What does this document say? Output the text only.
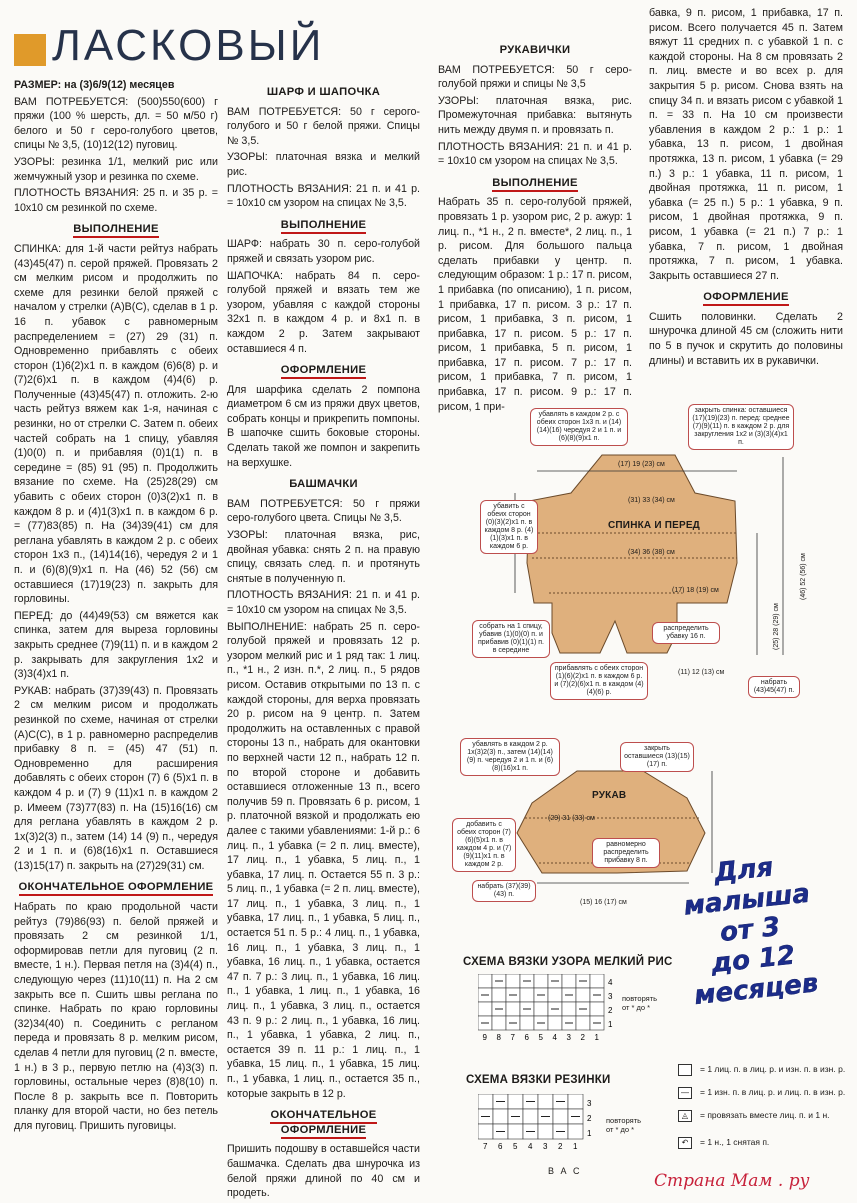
ЛАСКОВЫЙ

РАЗМЕР: на (3)6/9(12) месяцев

ВАМ ПОТРЕБУЕТСЯ: (500)550(600) г пряжи (100 % шерсть, дл. = 50 м/50 г) белого и 50 г серо-голубого цветов, спицы № 3,5, (10)12(12) пуговиц.

УЗОРЫ: резинка 1/1, мелкий рис или жемчужный узор и резинка по схеме.

ПЛОТНОСТЬ ВЯЗАНИЯ: 25 п. и 35 р. = 10х10 см резинкой по схеме.

ВЫПОЛНЕНИЕ

СПИНКА: для 1-й части рейтуз набрать (43)45(47) п. серой пряжей. Провязать 2 см мелким рисом и продолжить по схеме для резинки белой пряжей с началом у стрелки (А)В(С), сделав в 1 р. 16 п. убавок с равномерным распределением = (27) 29 (31) п. Одновременно прибавлять с обеих сторон (1)6(2)х1 п. в каждом (6)6(8) р. и (7)2(6)х1 п. в каждом (4)4(6) р. Полученные (43)45(47) п. отложить. 2-ю часть рейтуз вяжем как 1-я, начиная с резинки, но от стрелки С. Затем п. обеих частей собрать на 1 спицу, убавляя (1)0(0) п. и прибавляя (0)1(1) п. в середине = (85) 91 (95) п. Продолжить вязание по схеме. На (25)28(29) см убавить с обеих сторон (0)3(2)х1 п. в каждом 8 р. и (4)1(3)х1 п. в каждом 6 р. = (77)83(85) п. На (34)39(41) см для реглана убавлять в каждом 2 р. с обеих сторон 1х3 п., (14)14(16), чередуя 2 и 1 п. и (6)(8)(9)х1 п. На (46) 52 (56) см оставшиеся (17)19(23) п. закрыть для горловины.

ПЕРЕД: до (44)49(53) см вяжется как спинка, затем для выреза горловины закрыть среднее (7)9(11) п. и в каждом 2 р. закрывать для закругления 1х2 и (3)3(4)х1 п.

РУКАВ: набрать (37)39(43) п. Провязать 2 см мелким рисом и продолжать резинкой по схеме, начиная от стрелки (А)С(С), в 1 р. равномерно распределив прибавку 8 п. = (45) 47 (51) п. Одновременно для расширения добавлять с обеих сторон (7) 6 (5)х1 п. в каждом 4 р. и (7) 9 (11)х1 п. в каждом 2 р. Имеем (73)77(83) п. На (15)16(16) см для реглана убавлять в каждом 2 р. 1х(3)2(3) п., затем (14) 14 (9) п., чередуя 2 и 1 п. и (6)8(16)х1 п. Оставшиеся (13)15(17) п. закрыть на (27)29(31) см.

ОКОНЧАТЕЛЬНОЕ ОФОРМЛЕНИЕ

Набрать по краю продольной части рейтуз (79)86(93) п. белой пряжей и провязать 2 см резинкой 1/1, оформировав петли для пуговиц (2 п. вместе, 1 н.). Первая петля на (3)4(4) п., следующую через (11)10(11) п. На 2 см закрыть все п. Сшить швы реглана по спинке. Набрать по краю горловины (32)34(40) п. Соединить с регланом переда и провязать 8 р. мелким рисом, сделав 4 петли для пуговиц (2 п. вместе, 1 н.) в 3 р., первую петлю на (4)3(3) п. горловины, остальные через (8)8(10) п. После 8 р. закрыть все п. Повторить планку для второй части, но без петель для пуговиц. Пришить пуговицы.

ШАРФ И ШАПОЧКА

ВАМ ПОТРЕБУЕТСЯ: 50 г серого-голубого и 50 г белой пряжи. Спицы № 3,5.

УЗОРЫ: платочная вязка и мелкий рис.

ПЛОТНОСТЬ ВЯЗАНИЯ: 21 п. и 41 р. = 10х10 см узором на спицах № 3,5.

ВЫПОЛНЕНИЕ

ШАРФ: набрать 30 п. серо-голубой пряжей и связать узором рис.

ШАПОЧКА: набрать 84 п. серо-голубой пряжей и вязать тем же узором, убавляя с каждой стороны 32х1 п. в каждом 4 р. и 8х1 п. в каждом 2 р. Затем закрывают оставшиеся 4 п.

ОФОРМЛЕНИЕ

Для шарфика сделать 2 помпона диаметром 6 см из пряжи двух цветов, собрать концы и прикрепить помпоны. В шапочке сшить боковые стороны. Сделать такой же помпон и закрепить на верхушке.

БАШМАЧКИ

ВАМ ПОТРЕБУЕТСЯ: 50 г пряжи серо-голубого цвета. Спицы № 3,5.

УЗОРЫ: платочная вязка, рис, двойная убавка: снять 2 п. на правую спицу, связать след. п. и протянуть снятые в полученную п.

ПЛОТНОСТЬ ВЯЗАНИЯ: 21 п. и 41 р. = 10х10 см узором на спицах № 3,5.

ВЫПОЛНЕНИЕ: набрать 25 п. серо-голубой пряжей и провязать 12 р. узором мелкий рис и 1 ряд так: 1 лиц. п., *1 н., 2 изн. п.*, 2 лиц. п., 5 рядов рисом. Оставив открытыми по 13 п. с каждой стороны, для верха провязать 20 р. рисом на 9 центр. п. Затем продолжить на оставленных с правой стороны 13 п., набрать для окантовки по верхней части 12 п., набрать 12 п. по второй стороне и добавить оставшиеся отложенные 13 п., всего получив 59 п. Провязать 6 р. рисом, 1 р. платочной вязкой и продолжать ею далее с такими убавлениями: 1-й р.: 6 лиц. п., 1 убавка (= 2 п. лиц. вместе), 17 лиц. п., 1 убавка, 5 лиц. п., 1 убавка, 17 лиц. п. Остается 55 п. 3 р.: 5 лиц. п., 1 убавка (= 2 п. лиц. вместе), 17 лиц. п., 1 убавка, 3 лиц. п., 1 убавка, 17 лиц. п., 1 убавка, 5 лиц. п., остается 51 п. 5 р.: 4 лиц. п., 1 убавка, 16 лиц. п., 1 убавка, 3 лиц. п., 1 убавка, 16 лиц. п., 1 убавка, остается 47 п. 7 р.: 3 лиц. п., 1 убавка, 16 лиц. п., 1 убавка, 1 лиц. п., 1 убавка, 16 лиц. п., 1 убавка, 3 лиц. п., остается 43 п. 9 р.: 2 лиц. п., 1 убавка, 16 лиц. п., 1 убавка, 1 убавка, 2 лиц. п., остается 39 п. 11 р.: 1 лиц. п., 1 убавка, 15 лиц. п., 1 убавка, 15 лиц. п., 1 убавка, 1 лиц. п., остается 35 п., которые закрыть в 12 р.

ОКОНЧАТЕЛЬНОЕ ОФОРМЛЕНИЕ

Пришить подошву в оставшейся части башмачка. Сделать два шнурочка из белой пряжи длиной по 40 см и продеть.

РУКАВИЧКИ

ВАМ ПОТРЕБУЕТСЯ: 50 г серо-голубой пряжи и спицы № 3,5

УЗОРЫ: платочная вязка, рис. Промежуточная прибавка: вытянуть нить между двумя п. и провязать п.

ПЛОТНОСТЬ ВЯЗАНИЯ: 21 п. и 41 р. = 10х10 см узором на спицах № 3,5.

ВЫПОЛНЕНИЕ

Набрать 35 п. серо-голубой пряжей, провязать 1 р. узором рис, 2 р. ажур: 1 лиц. п., *1 н., 2 п. вместе*, 2 лиц. п., 1 р. рисом. Для большого пальца сделать прибавки у центр. п. следующим образом: 1 р.: 17 п. рисом, 1 прибавка (по описанию), 1 п. рисом, 1 прибавка, 17 п. рисом. 3 р.: 17 п. рисом, 1 прибавка, 3 п. рисом, 1 прибавка, 17 п. рисом. 5 р.: 17 п. рисом, 1 прибавка, 5 п. рисом, 1 прибавка, 17 п. рисом. 7 р.: 17 п. рисом, 1 прибавка, 7 п. рисом, 1 прибавка, 17 п. рисом. 9 р.: 17 п. рисом, 1 при-

бавка, 9 п. рисом, 1 прибавка, 17 п. рисом. Всего получается 45 п. Затем вяжут 11 средних п. с убавкой 1 п. с каждой стороны. На 8 см провязать 2 п. лиц. вместе и во всех р. для закрытия 5 р. рисом. Снова взять на спицу 34 п. и вязать рисом с убавкой 1 п. = 33 п. На 10 см произвести убавления в каждом 2 р.: 1 р.: 1 убавка, 13 п. рисом, 1 двойная протяжка, 13 п. рисом, 1 убавка (= 29 п.) 3 р.: 1 убавка, 11 п. рисом, 1 двойная протяжка, 11 п. рисом, 1 убавка (= 25 п.) 5 р.: 1 убавка, 9 п. рисом, 1 двойная протяжка, 9 п. рисом, 1 убавка (= 21 п.) 7 р.: 1 убавка, 7 п. рисом, 1 двойная протяжка, 7 п. рисом, 1 убавка. Закрыть оставшиеся 27 п.

ОФОРМЛЕНИЕ

Сшить половинки. Сделать 2 шнурочка длиной 45 см (сложить нити по 5 в пучок и скрутить до половины длины) и вставить их в рукавички.

СПИНКА И ПЕРЕД
РУКАВ
(17) 19 (23) см
(31) 33 (34) см
(34) 36 (38) см
(17) 18 (19) см
(11) 12 (13) см
(46) 52 (56) см
(25) 28 (29) см
(29) 31 (33) см
(15) 16 (17) см
убавлять в каждом 2 р. с обеих сторон 1х3 п. и (14)(14)(16) чередуя 2 и 1 п. и (6)(8)(9)х1 п.
закрыть спинка: оставшиеся (17)(19)(23) п. перед: среднее (7)(9)(11) п. в каждом 2 р. для закругления 1х2 и (3)(3)(4)х1 п.
убавить с обеих сторон (0)(3)(2)х1 п. в каждом 8 р. (4)(1)(3)х1 п. в каждом 6 р.
собрать на 1 спицу, убавив (1)(0)(0) п. и прибавив (0)(1)(1) п. в середине
распределить убавку 16 п.
прибавлять с обеих сторон (1)(6)(2)х1 п. в каждом 6 р. и (7)(2)(6)х1 п. в каждом (4)(4)(6) р.
набрать (43)45(47) п.
убавлять в каждом 2 р. 1х(3)2(3) п., затем (14)(14)(9) п. чередуя 2 и 1 п. и (6)(8)(16)х1 п.
закрыть оставшиеся (13)(15)(17) п.
добавить с обеих сторон (7)(6)(5)х1 п. в каждом 4 р. и (7)(9)(11)х1 п. в каждом 2 р.
равномерно распределить прибавку 8 п.
набрать (37)(39)(43) п.
Для
малыша
от 3
до 12
месяцев
СХЕМА ВЯЗКИ УЗОРА МЕЛКИЙ РИС
4
3
2
1
9 8 7 6 5 4 3 2 1
повторять от * до *
СХЕМА ВЯЗКИ РЕЗИНКИ
3
2
1
7 6 5 4 3 2 1
повторять от * до *
В А С
= 1 лиц. п. в лиц. р. и изн. п. в изн. р.
— = 1 изн. п. в лиц. р. и лиц. п. в изн. р.
◬ = провязать вместе лиц. п. и 1 н.
↶ = 1 н., 1 снятая п.
Страна Мам . ру
